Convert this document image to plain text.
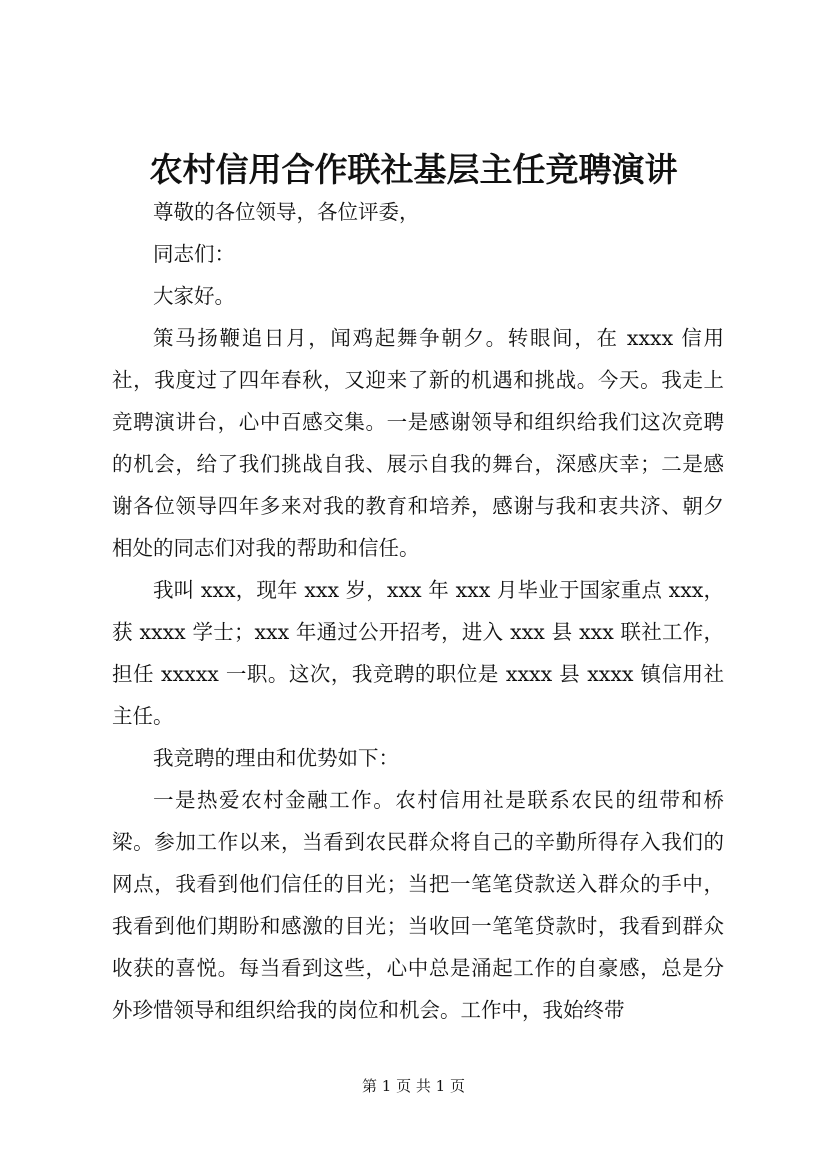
农村信用合作联社基层主任竞聘演讲

尊敬的各位领导，各位评委，

同志们：

大家好。

策马扬鞭追日月，闻鸡起舞争朝夕。转眼间，在 xxxx 信用社，我度过了四年春秋，又迎来了新的机遇和挑战。今天。我走上竞聘演讲台，心中百感交集。一是感谢领导和组织给我们这次竞聘的机会，给了我们挑战自我、展示自我的舞台，深感庆幸；二是感谢各位领导四年多来对我的教育和培养，感谢与我和衷共济、朝夕相处的同志们对我的帮助和信任。

我叫 xxx，现年 xxx 岁，xxx 年 xxx 月毕业于国家重点 xxx，获 xxxx 学士；xxx 年通过公开招考，进入 xxx 县 xxx 联社工作，担任 xxxxx 一职。这次，我竞聘的职位是 xxxx 县 xxxx 镇信用社主任。

我竞聘的理由和优势如下：

一是热爱农村金融工作。农村信用社是联系农民的纽带和桥梁。参加工作以来，当看到农民群众将自己的辛勤所得存入我们的网点，我看到他们信任的目光；当把一笔笔贷款送入群众的手中，我看到他们期盼和感激的目光；当收回一笔笔贷款时，我看到群众收获的喜悦。每当看到这些，心中总是涌起工作的自豪感，总是分外珍惜领导和组织给我的岗位和机会。工作中，我始终带

第 1 页 共 1 页
